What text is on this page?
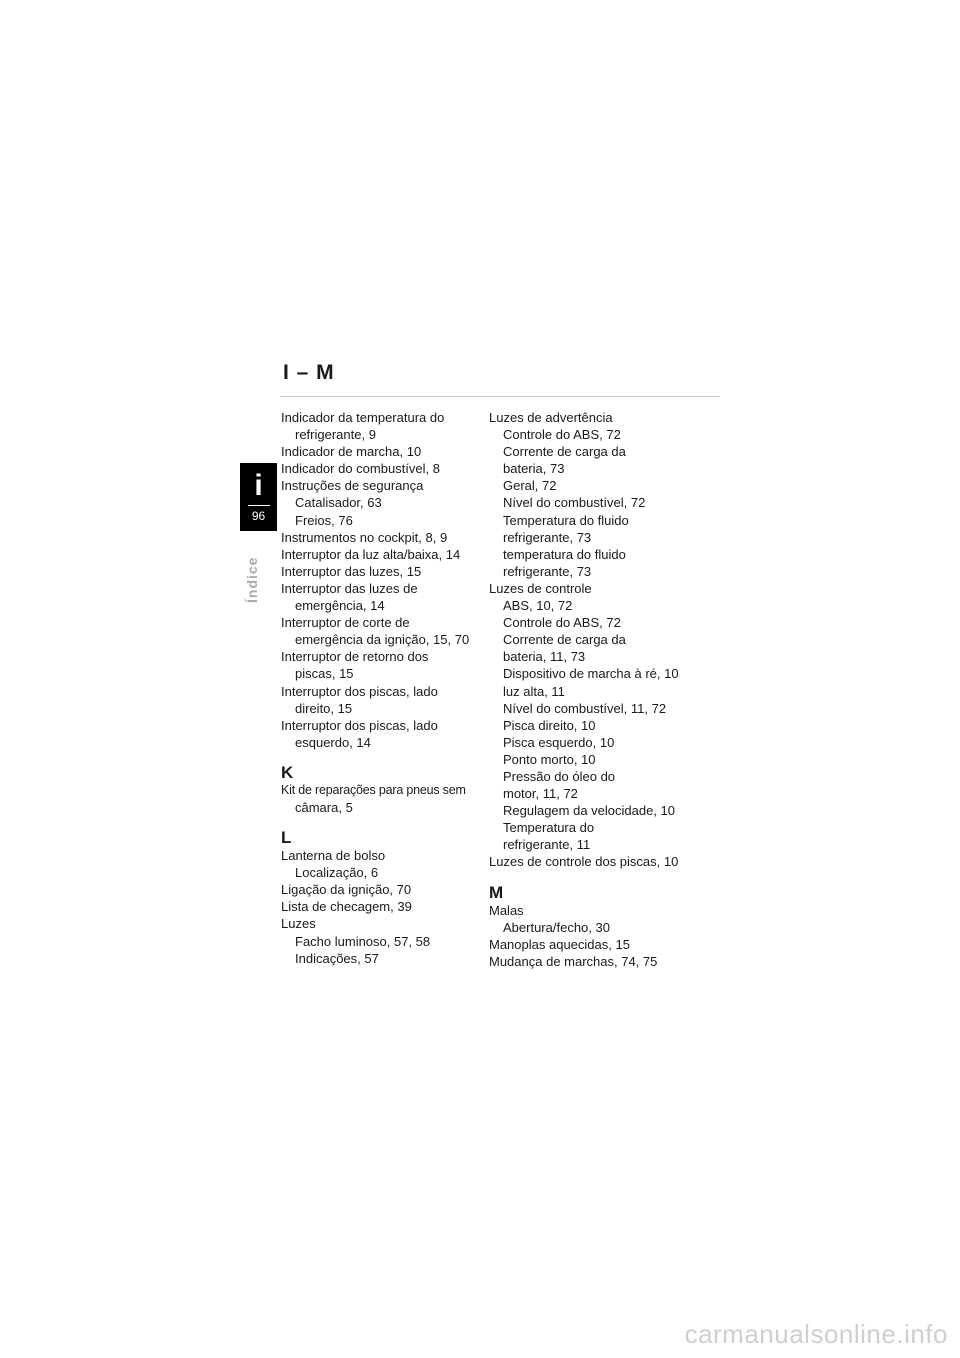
I – M
i
96
Índice
Indicador da temperatura do
refrigerante, 9
Indicador de marcha, 10
Indicador do combustível, 8
Instruções de segurança
Catalisador, 63
Freios, 76
Instrumentos no cockpit, 8, 9
Interruptor da luz alta/baixa, 14
Interruptor das luzes, 15
Interruptor das luzes de
emergência, 14
Interruptor de corte de
emergência da ignição, 15, 70
Interruptor de retorno dos
piscas, 15
Interruptor dos piscas, lado
direito, 15
Interruptor dos piscas, lado
esquerdo, 14
K
Kit de reparações para pneus sem
câmara, 5
L
Lanterna de bolso
Localização, 6
Ligação da ignição, 70
Lista de checagem, 39
Luzes
Facho luminoso, 57, 58
Indicações, 57
Luzes de advertência
Controle do ABS, 72
Corrente de carga da
bateria, 73
Geral, 72
Nível do combustível, 72
Temperatura do fluido
refrigerante, 73
temperatura do fluido
refrigerante, 73
Luzes de controle
ABS, 10, 72
Controle do ABS, 72
Corrente de carga da
bateria, 11, 73
Dispositivo de marcha à ré, 10
luz alta, 11
Nível do combustível, 11, 72
Pisca direito, 10
Pisca esquerdo, 10
Ponto morto, 10
Pressão do óleo do
motor, 11, 72
Regulagem da velocidade, 10
Temperatura do
refrigerante, 11
Luzes de controle dos piscas, 10
M
Malas
Abertura/fecho, 30
Manoplas aquecidas, 15
Mudança de marchas, 74, 75
carmanualsonline.info
